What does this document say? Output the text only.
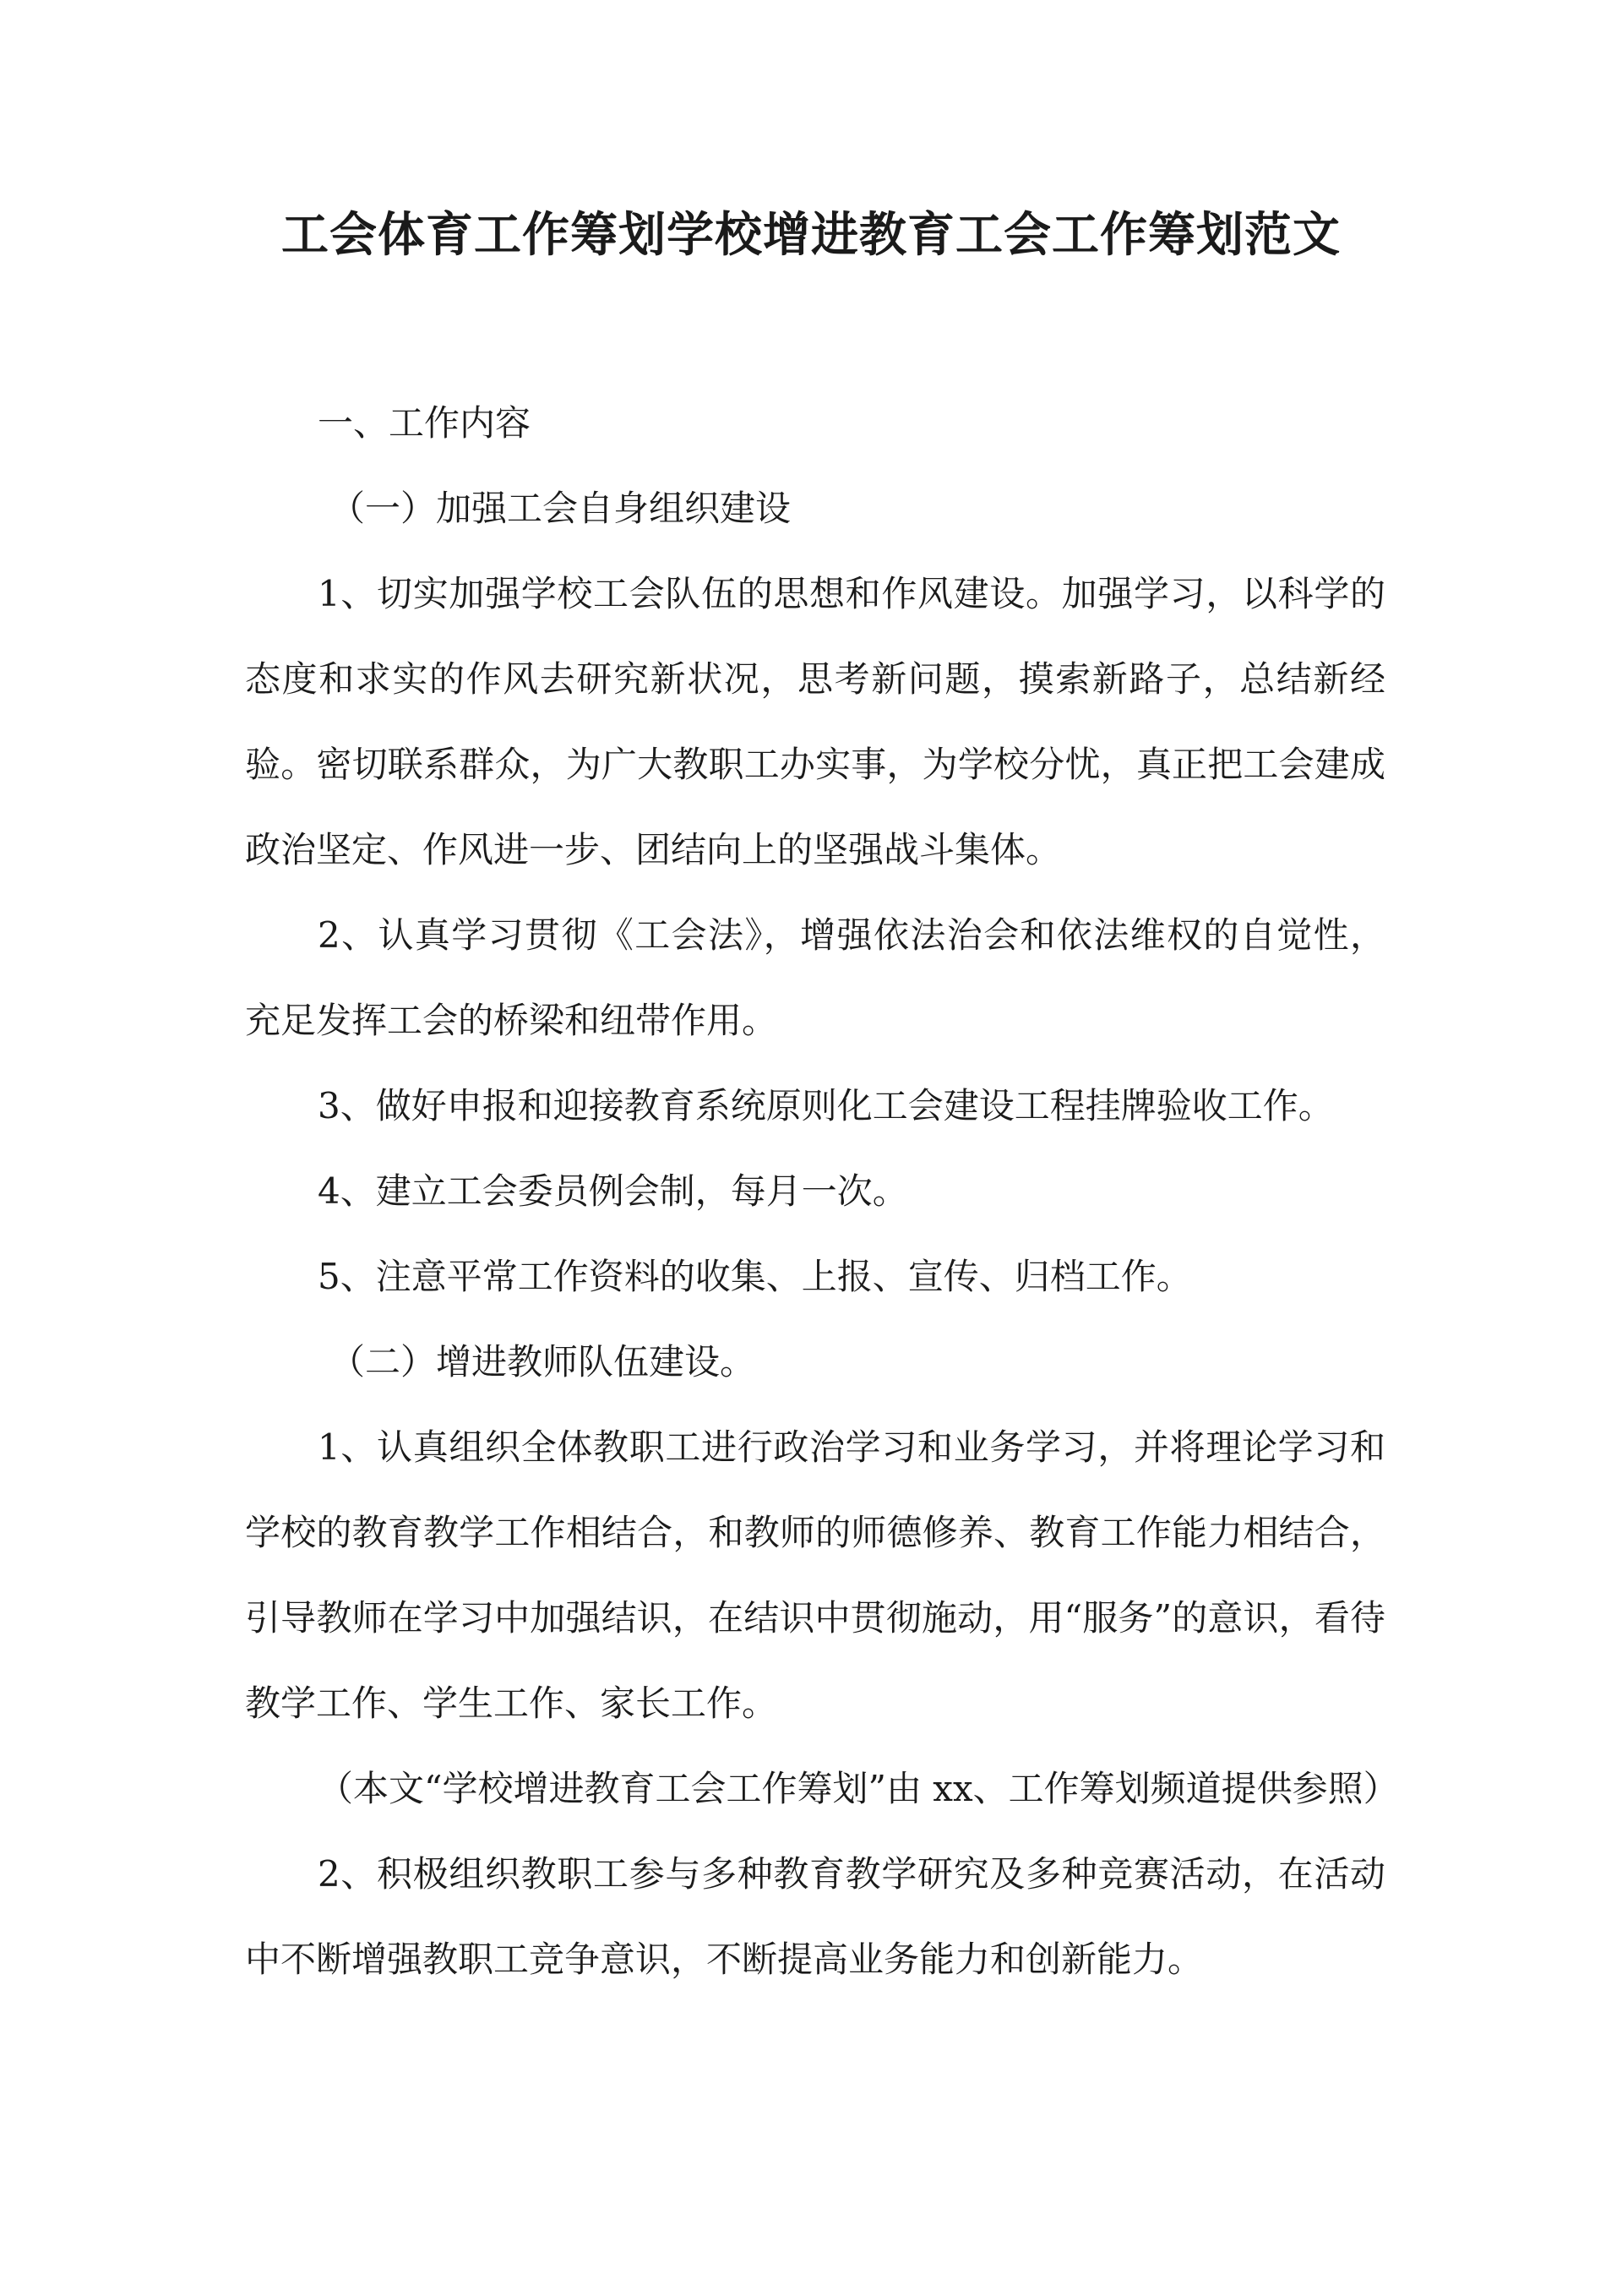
工会体育工作筹划学校增进教育工会工作筹划范文

一、工作内容

（一）加强工会自身组织建设

1、切实加强学校工会队伍的思想和作风建设。加强学习，以科学的态度和求实的作风去研究新状况，思考新问题，摸索新路子，总结新经验。密切联系群众，为广大教职工办实事，为学校分忧，真正把工会建成政治坚定、作风进一步、团结向上的坚强战斗集体。

2、认真学习贯彻《工会法》，增强依法治会和依法维权的自觉性，充足发挥工会的桥梁和纽带作用。

3、做好申报和迎接教育系统原则化工会建设工程挂牌验收工作。

4、建立工会委员例会制，每月一次。

5、注意平常工作资料的收集、上报、宣传、归档工作。

（二）增进教师队伍建设。

1、认真组织全体教职工进行政治学习和业务学习，并将理论学习和学校的教育教学工作相结合，和教师的师德修养、教育工作能力相结合，引导教师在学习中加强结识，在结识中贯彻施动，用“服务”的意识，看待教学工作、学生工作、家长工作。

（本文“学校增进教育工会工作筹划”由 xx、工作筹划频道提供参照）

2、积极组织教职工参与多种教育教学研究及多种竞赛活动，在活动中不断增强教职工竞争意识，不断提高业务能力和创新能力。
